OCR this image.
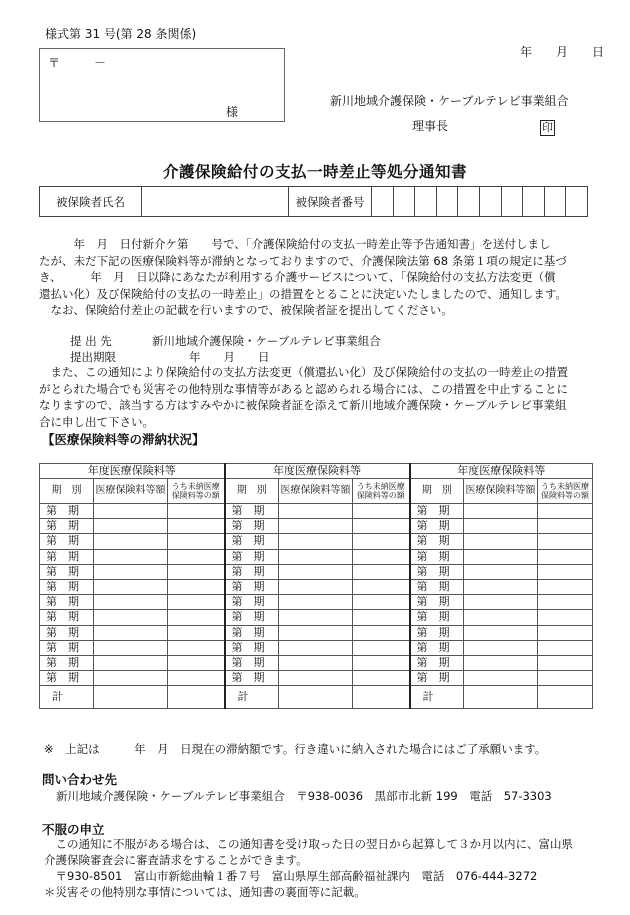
様式第 31 号(第 28 条関係)
年　　月　　日
〒	－
様
新川地域介護保険・ケーブルテレビ事業組合
理事長	印
介護保険給付の支払一時差止等処分通知書
被保険者氏名		被保険者番号										

　　　年　月　日付新介ケ第　　号で、「介護保険給付の支払一時差止等予告通知書」を送付しまし

たが、未だ下記の医療保険料等が滞納となっておりますので、介護保険法第 68 条第１項の規定に基づ

き、　　　年　月　日以降にあなたが利用する介護サービスについて、「保険給付の支払方法変更（償

還払い化）及び保険給付の支払の一時差止」の措置をとることに決定いたしましたので、通知します。

　なお、保険給付差止の記載を行いますので、被保険者証を提出してください。

提 出 先	新川地域介護保険・ケーブルテレビ事業組合
提出期限	年　　月　　日

　また、この通知により保険給付の支払方法変更（償還払い化）及び保険給付の支払の一時差止の措置

がとられた場合でも災害その他特別な事情等があると認められる場合には、この措置を中止することに

なりますので、該当する方はすみやかに被保険者証を添えて新川地域介護保険・ケーブルテレビ事業組

合に申し出て下さい。

【医療保険料等の滞納状況】
年度医療保険料等			年度医療保険料等			年度医療保険料等		
期　別	医療保険料等額	うち未納医療保険料等の額	期　別	医療保険料等額	うち未納医療保険料等の額	期　別	医療保険料等額	うち未納医療保険料等の額
第　期			第　期			第　期		
第　期			第　期			第　期		
第　期			第　期			第　期		
第　期			第　期			第　期		
第　期			第　期			第　期		
第　期			第　期			第　期		
第　期			第　期			第　期		
第　期			第　期			第　期		
第　期			第　期			第　期		
第　期			第　期			第　期		
第　期			第　期			第　期		
第　期			第　期			第　期		
計			計			計		
※　上記は　　　年　月　日現在の滞納額です。行き違いに納入された場合にはご了承願います。
問い合わせ先
新川地域介護保険・ケーブルテレビ事業組合　〒938-0036　黒部市北新 199　電話　57-3303
不服の申立

　この通知に不服がある場合は、この通知書を受け取った日の翌日から起算して３か月以内に、富山県

介護保険審査会に審査請求をすることができます。

　〒930-8501　富山市新総曲輪１番７号　富山県厚生部高齢福祉課内　電話　076-444-3272

＊災害その他特別な事情については、通知書の裏面等に記載。
